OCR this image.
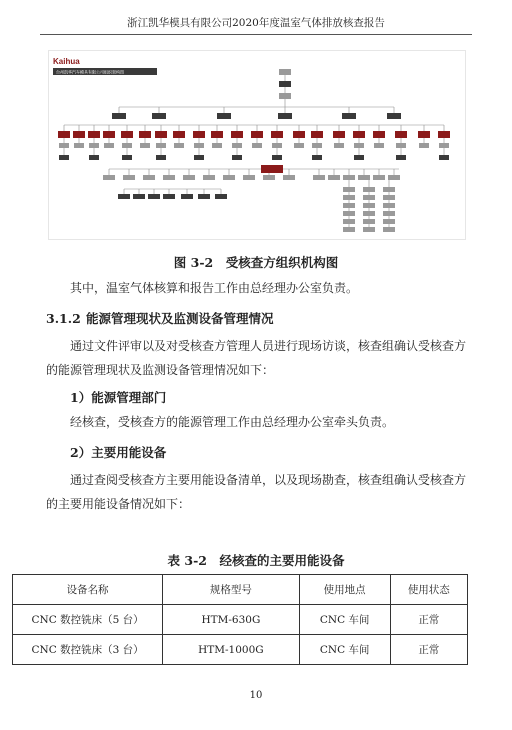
浙江凯华模具有限公司2020年度温室气体排放核查报告
Kaihua
台州凯华汽车模具有限公司组织架构图
图 3-2　受核查方组织机构图
其中，温室气体核算和报告工作由总经理办公室负责。
3.1.2 能源管理现状及监测设备管理情况
通过文件评审以及对受核查方管理人员进行现场访谈，核查组确认受核查方的能源管理现状及监测设备管理情况如下：
1）能源管理部门
经核查，受核查方的能源管理工作由总经理办公室牵头负责。
2）主要用能设备
通过查阅受核查方主要用能设备清单，以及现场勘查，核查组确认受核查方的主要用能设备情况如下：
表 3-2　经核查的主要用能设备
设备名称	规格型号	使用地点	使用状态
CNC 数控铣床（5 台）	HTM-630G	CNC 车间	正常
CNC 数控铣床（3 台）	HTM-1000G	CNC 车间	正常
10
